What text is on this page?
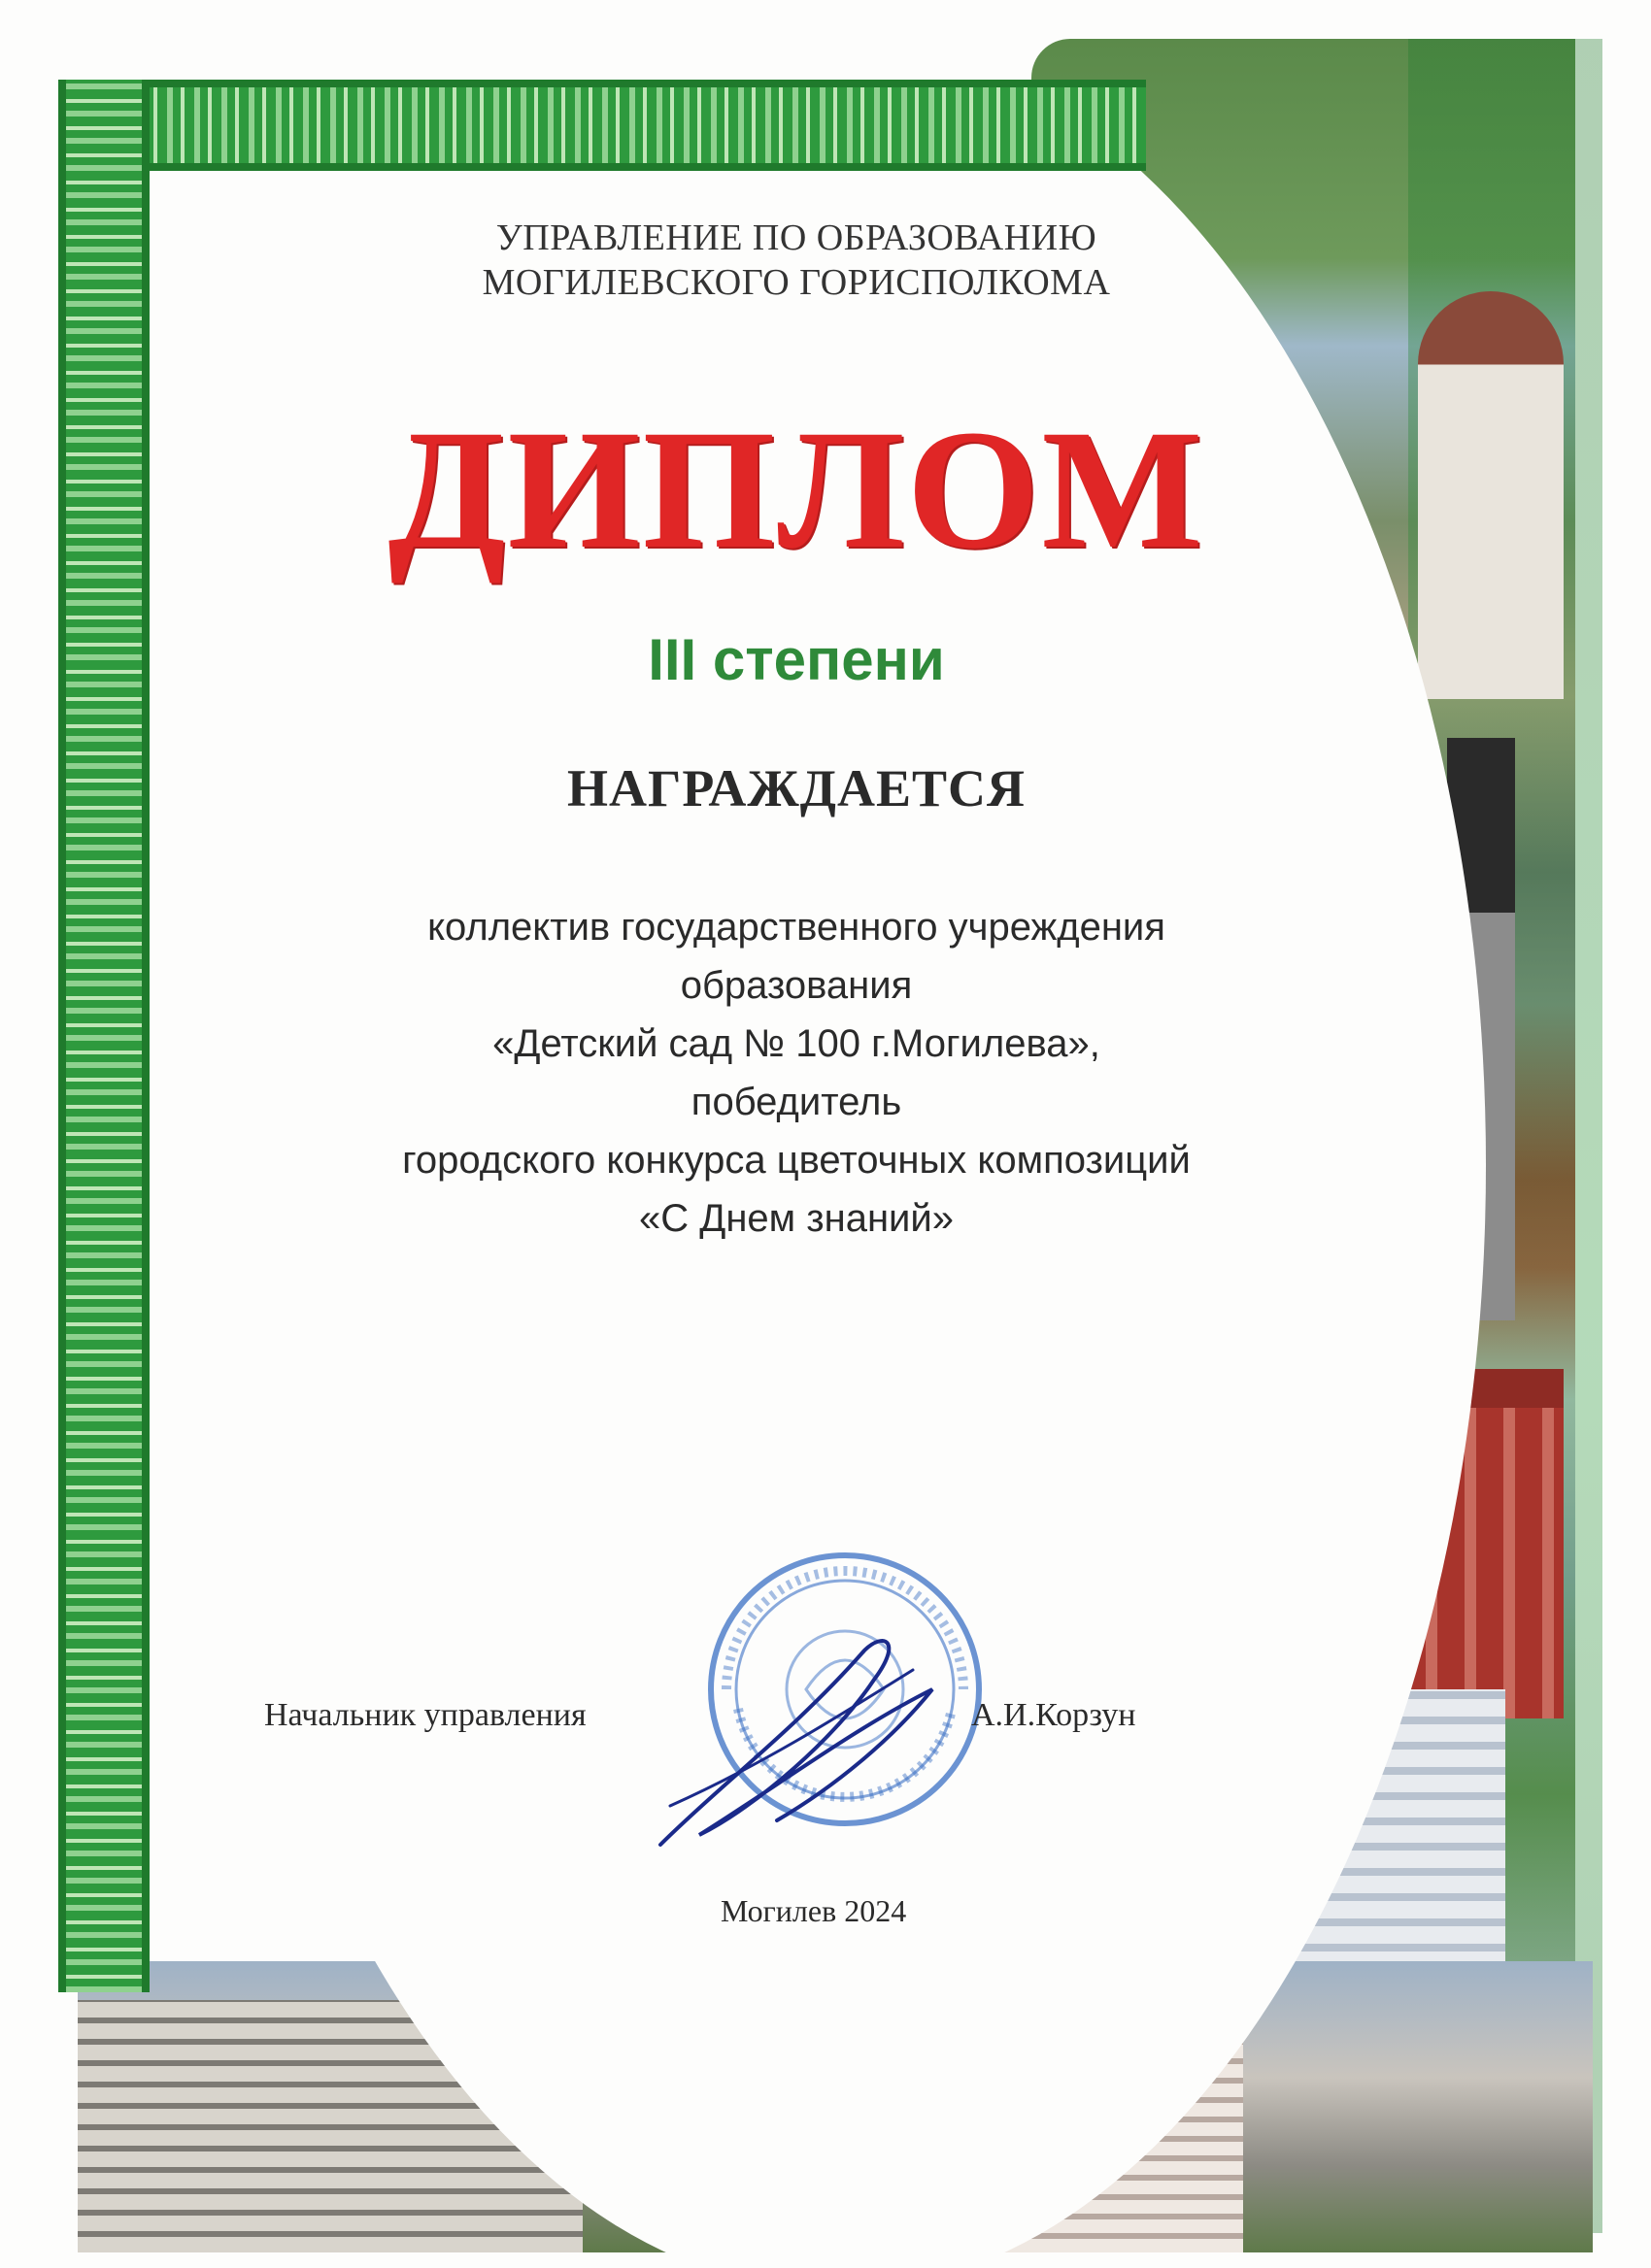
УПРАВЛЕНИЕ ПО ОБРАЗОВАНИЮ
МОГИЛЕВСКОГО ГОРИСПОЛКОМА
ДИПЛОМ
III степени
НАГРАЖДАЕТСЯ
коллектив государственного учреждения
образования
«Детский сад № 100 г.Могилева»,
победитель
городского конкурса цветочных композиций
«С Днем знаний»
Начальник управления	А.И.Корзун
Могилев 2024
